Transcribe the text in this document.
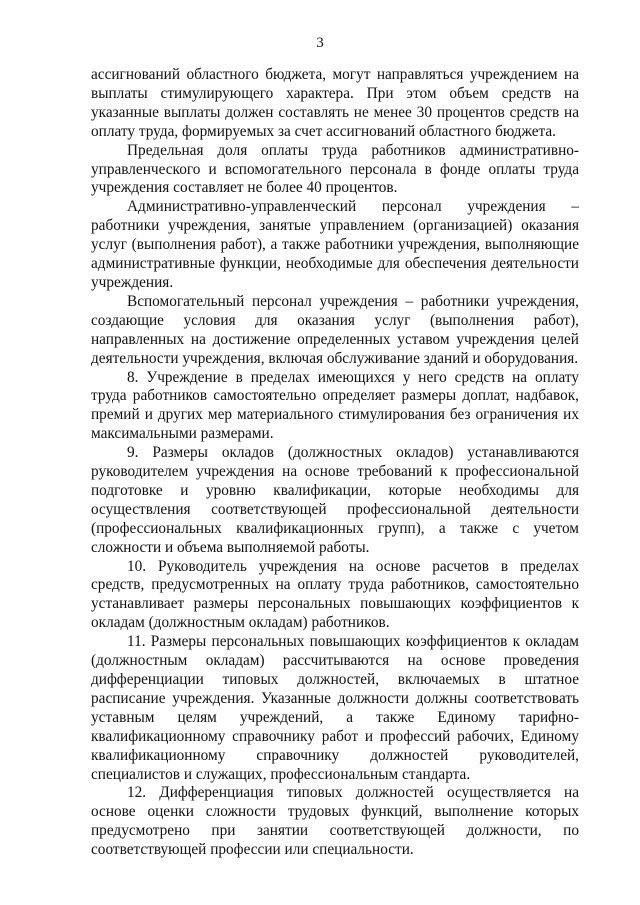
3

ассигнований областного бюджета, могут направляться учреждением на выплаты стимулирующего характера. При этом объем средств на указанные выплаты должен составлять не менее 30 процентов средств на оплату труда, формируемых за счет ассигнований областного бюджета.

Предельная доля оплаты труда работников административно-управленческого и вспомогательного персонала в фонде оплаты труда учреждения составляет не более 40 процентов.

Административно-управленческий персонал учреждения – работники учреждения, занятые управлением (организацией) оказания услуг (выполнения работ), а также работники учреждения, выполняющие административные функции, необходимые для обеспечения деятельности учреждения.

Вспомогательный персонал учреждения – работники учреждения, создающие условия для оказания услуг (выполнения работ), направленных на достижение определенных уставом учреждения целей деятельности учреждения, включая обслуживание зданий и оборудования.

8. Учреждение в пределах имеющихся у него средств на оплату труда работников самостоятельно определяет размеры доплат, надбавок, премий и других мер материального стимулирования без ограничения их максимальными размерами.

9. Размеры окладов (должностных окладов) устанавливаются руководителем учреждения на основе требований к профессиональной подготовке и уровню квалификации, которые необходимы для осуществления соответствующей профессиональной деятельности (профессиональных квалификационных групп), а также с учетом сложности и объема выполняемой работы.

10. Руководитель учреждения на основе расчетов в пределах средств, предусмотренных на оплату труда работников, самостоятельно устанавливает размеры персональных повышающих коэффициентов к окладам (должностным окладам) работников.

11. Размеры персональных повышающих коэффициентов к окладам (должностным окладам) рассчитываются на основе проведения дифференциации типовых должностей, включаемых в штатное расписание учреждения. Указанные должности должны соответствовать уставным целям учреждений, а также Единому тарифно-квалификационному справочнику работ и профессий рабочих, Единому квалификационному справочнику должностей руководителей, специалистов и служащих, профессиональным стандарта.

12. Дифференциация типовых должностей осуществляется на основе оценки сложности трудовых функций, выполнение которых предусмотрено при занятии соответствующей должности, по соответствующей профессии или специальности.
